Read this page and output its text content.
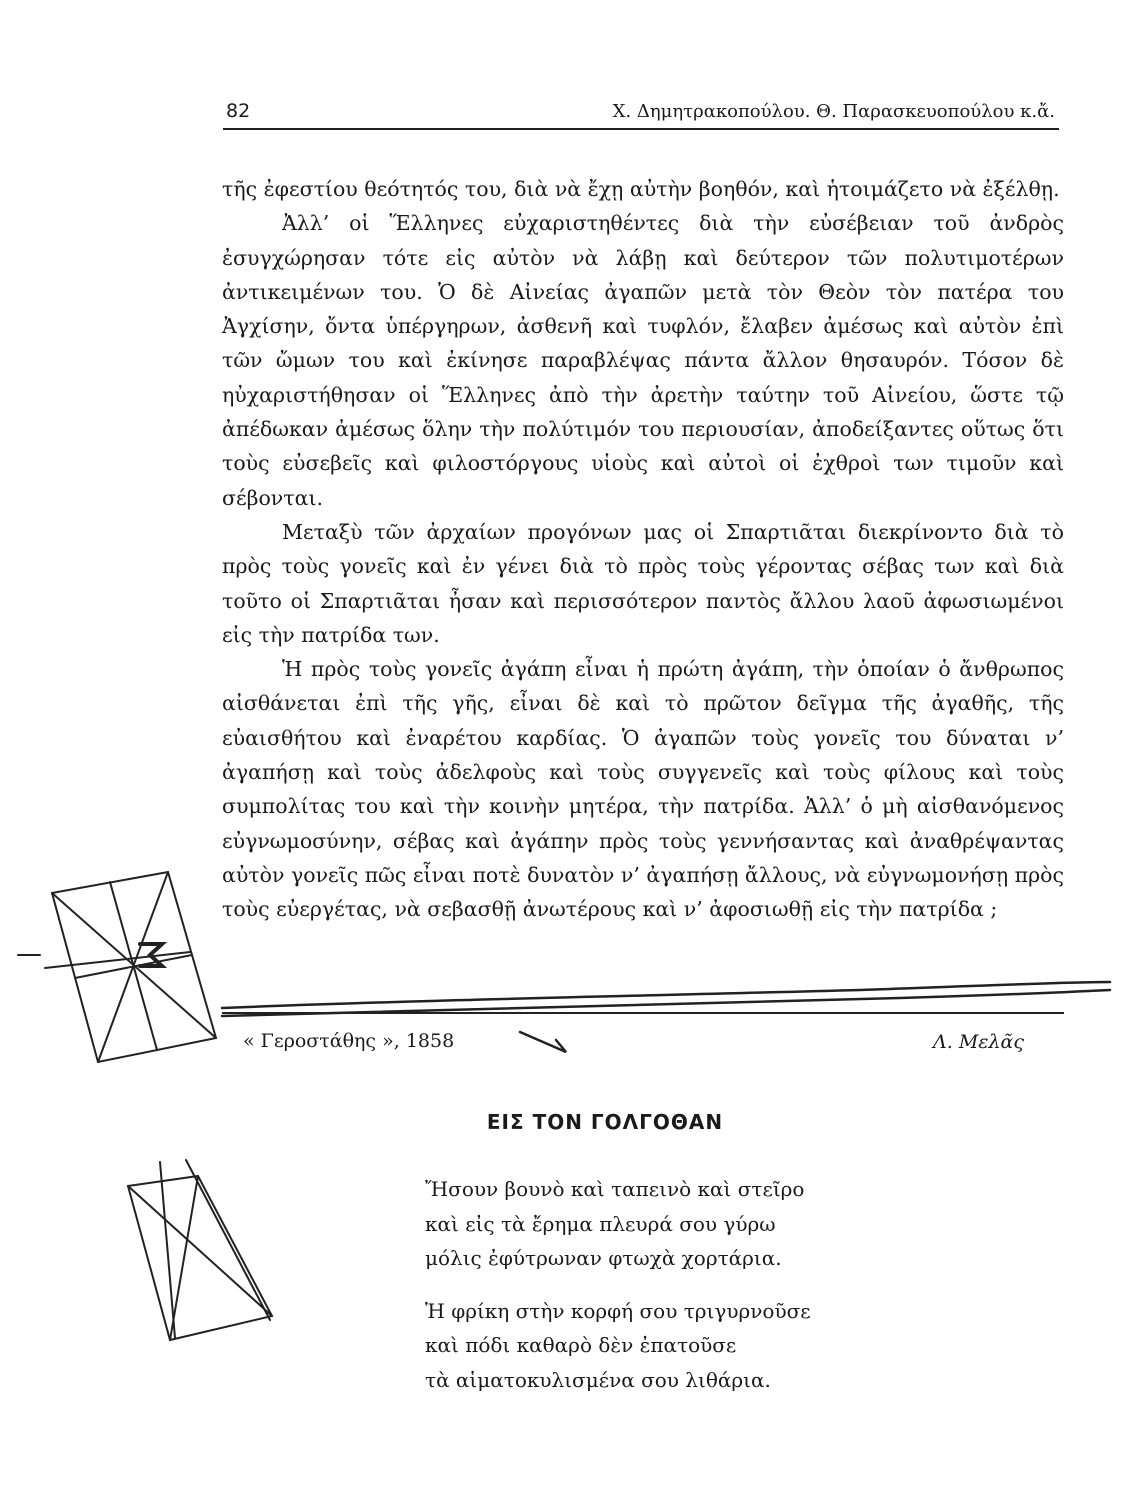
82	Χ. Δημητρακοπούλου. Θ. Παρασκευοπούλου κ.ἄ.

τῆς ἐφεστίου θεότητός του, διὰ νὰ ἔχῃ αὐτὴν βοηθόν, καὶ ἡτοιμάζετο νὰ ἐξέλθῃ.

Ἀλλ’ οἱ Ἕλληνες εὐχαριστηθέντες διὰ τὴν εὐσέβειαν τοῦ ἀνδρὸς ἐσυγχώρησαν τότε εἰς αὐτὸν νὰ λάβῃ καὶ δεύτερον τῶν πολυτιμοτέρων ἀντικειμένων του. Ὁ δὲ Αἰνείας ἀγαπῶν μετὰ τὸν Θεὸν τὸν πατέρα του Ἀγχίσην, ὄντα ὑπέργηρων, ἀσθενῆ καὶ τυφλόν, ἔλαβεν ἀμέσως καὶ αὐτὸν ἐπὶ τῶν ὤμων του καὶ ἐκίνησε παραβλέψας πάντα ἄλλον θησαυρόν. Τόσον δὲ ηὐχαριστήθησαν οἱ Ἕλληνες ἀπὸ τὴν ἀρετὴν ταύτην τοῦ Αἰνείου, ὥστε τῷ ἀπέδωκαν ἀμέσως ὅλην τὴν πολύτιμόν του περιουσίαν, ἀποδείξαντες οὕτως ὅτι τοὺς εὐσεβεῖς καὶ φιλοστόργους υἱοὺς καὶ αὐτοὶ οἱ ἐχθροὶ των τιμοῦν καὶ σέβονται.

Μεταξὺ τῶν ἀρχαίων προγόνων μας οἱ Σπαρτιᾶται διεκρίνοντο διὰ τὸ πρὸς τοὺς γονεῖς καὶ ἐν γένει διὰ τὸ πρὸς τοὺς γέροντας σέβας των καὶ διὰ τοῦτο οἱ Σπαρτιᾶται ἦσαν καὶ περισσότερον παντὸς ἄλλου λαοῦ ἀφωσιωμένοι εἰς τὴν πατρίδα των.

Ἡ πρὸς τοὺς γονεῖς ἀγάπη εἶναι ἡ πρώτη ἀγάπη, τὴν ὁποίαν ὁ ἄνθρωπος αἰσθάνεται ἐπὶ τῆς γῆς, εἶναι δὲ καὶ τὸ πρῶτον δεῖγμα τῆς ἀγαθῆς, τῆς εὐαισθήτου καὶ ἐναρέτου καρδίας. Ὁ ἀγαπῶν τοὺς γονεῖς του δύναται ν’ ἀγαπήσῃ καὶ τοὺς ἀδελφοὺς καὶ τοὺς συγγενεῖς καὶ τοὺς φίλους καὶ τοὺς συμπολίτας του καὶ τὴν κοινὴν μητέρα, τὴν πατρίδα. Ἀλλ’ ὁ μὴ αἰσθανόμενος εὐγνωμοσύνην, σέβας καὶ ἀγάπην πρὸς τοὺς γεννήσαντας καὶ ἀναθρέψαντας αὐτὸν γονεῖς πῶς εἶναι ποτὲ δυνατὸν ν’ ἀγαπήσῃ ἄλλους, νὰ εὐγνωμονήσῃ πρὸς τοὺς εὐεργέτας, νὰ σεβασθῇ ἀνωτέρους καὶ ν’ ἀφοσιωθῇ εἰς τὴν πατρίδα ;

« Γεροστάθης », 1858	Λ. Μελᾶς
ΕΙΣ ΤΟΝ ΓΟΛΓΟΘΑΝ
Ἤσουν βουνὸ καὶ ταπεινὸ καὶ στεῖρο
καὶ εἰς τὰ ἔρημα πλευρά σου γύρω
μόλις ἐφύτρωναν φτωχὰ χορτάρια.
Ἡ φρίκη στὴν κορφή σου τριγυρνοῦσε
καὶ πόδι καθαρὸ δὲν ἐπατοῦσε
τὰ αἱματοκυλισμένα σου λιθάρια.
